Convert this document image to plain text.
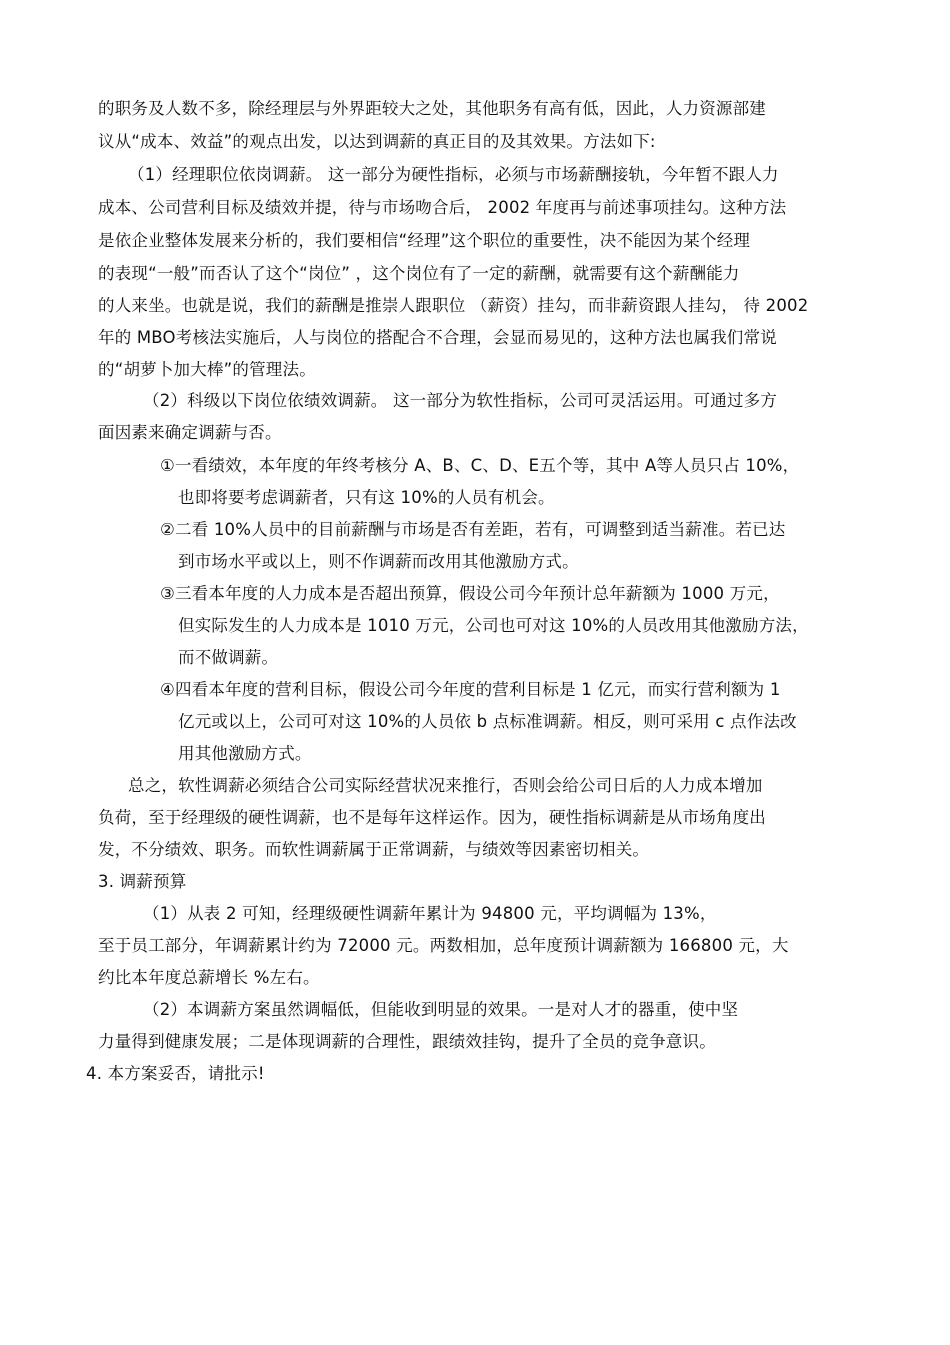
的职务及人数不多，除经理层与外界距较大之处，其他职务有高有低，因此，人力资源部建
议从“成本、效益”的观点出发，以达到调薪的真正目的及其效果。方法如下:
（1）经理职位依岗调薪。 这一部分为硬性指标，必须与市场薪酬接轨，今年暂不跟人力
成本、公司营利目标及绩效并提，待与市场吻合后， 2002 年度再与前述事项挂勾。这种方法
是依企业整体发展来分析的，我们要相信“经理”这个职位的重要性，决不能因为某个经理
的表现“一般”而否认了这个“岗位” ，这个岗位有了一定的薪酬，就需要有这个薪酬能力
的人来坐。也就是说，我们的薪酬是推崇人跟职位 （薪资）挂勾，而非薪资跟人挂勾， 待 2002
年的 MBO考核法实施后，人与岗位的搭配合不合理，会显而易见的，这种方法也属我们常说
的“胡萝卜加大棒”的管理法。
（2）科级以下岗位依绩效调薪。 这一部分为软性指标，公司可灵活运用。可通过多方
面因素来确定调薪与否。
①一看绩效，本年度的年终考核分 A、B、C、D、E五个等，其中 A等人员只占 10%，
也即将要考虑调薪者，只有这 10%的人员有机会。
②二看 10%人员中的目前薪酬与市场是否有差距，若有，可调整到适当薪准。若已达
到市场水平或以上，则不作调薪而改用其他激励方式。
③三看本年度的人力成本是否超出预算，假设公司今年预计总年薪额为 1000 万元，
但实际发生的人力成本是 1010 万元，公司也可对这 10%的人员改用其他激励方法，
而不做调薪。
④四看本年度的营利目标，假设公司今年度的营利目标是 1 亿元，而实行营利额为 1
亿元或以上，公司可对这 10%的人员依 b 点标准调薪。相反，则可采用 c 点作法改
用其他激励方式。
总之，软性调薪必须结合公司实际经营状况来推行，否则会给公司日后的人力成本增加
负荷，至于经理级的硬性调薪，也不是每年这样运作。因为，硬性指标调薪是从市场角度出
发，不分绩效、职务。而软性调薪属于正常调薪，与绩效等因素密切相关。
3. 调薪预算
（1）从表 2 可知，经理级硬性调薪年累计为 94800 元，平均调幅为 13%，
至于员工部分，年调薪累计约为 72000 元。两数相加，总年度预计调薪额为 166800 元，大
约比本年度总薪增长 %左右。
（2）本调薪方案虽然调幅低，但能收到明显的效果。一是对人才的器重，使中坚
力量得到健康发展；二是体现调薪的合理性，跟绩效挂钩，提升了全员的竞争意识。
4. 本方案妥否，请批示!
